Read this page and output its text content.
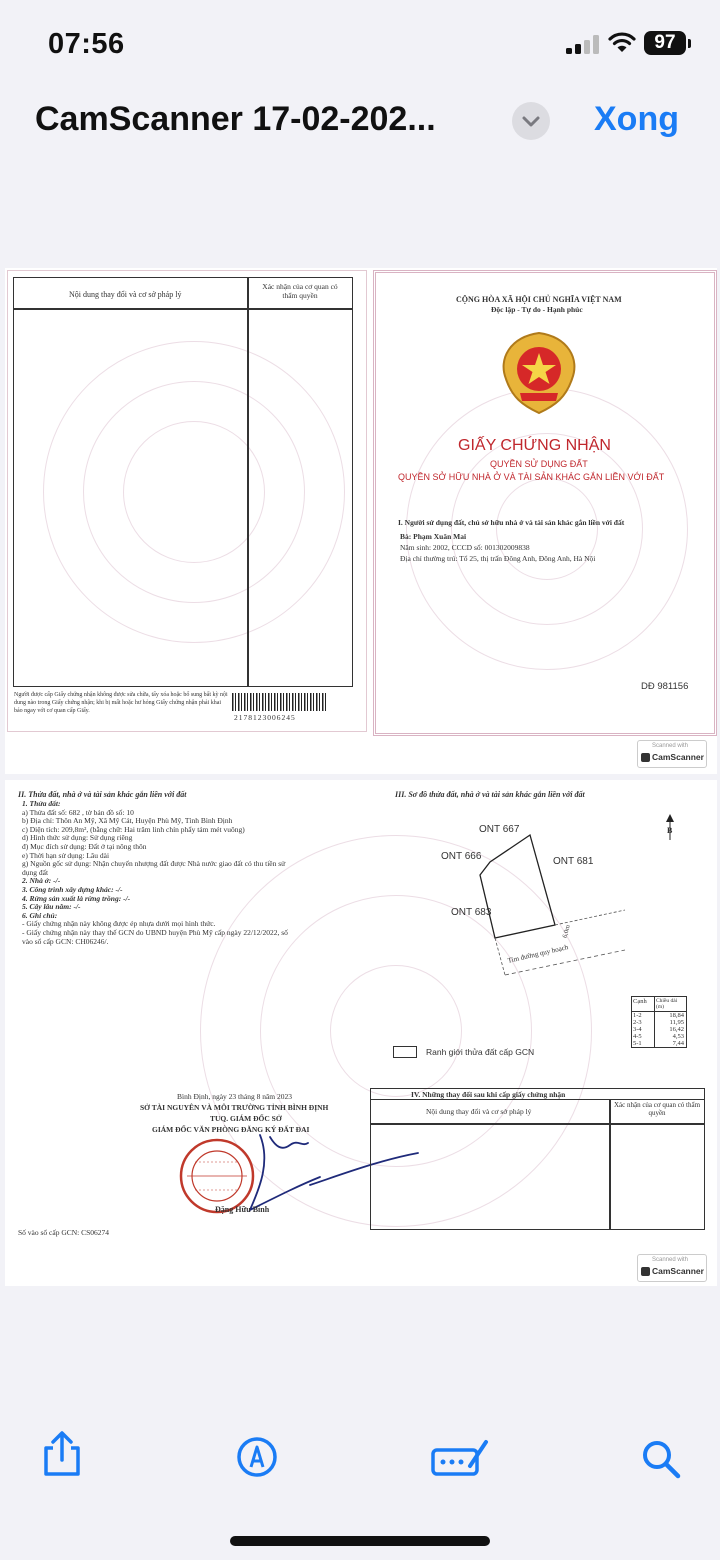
07:56	97
CamScanner 17-02-202...	Xong
Nội dung thay đổi và cơ sở pháp lý
Xác nhận của cơ quan có thẩm quyền
Người được cấp Giấy chứng nhận không được sửa chữa, tẩy xóa hoặc bổ sung bất kỳ nội dung nào trong Giấy chứng nhận; khi bị mất hoặc hư hỏng Giấy chứng nhận phải khai báo ngay với cơ quan cấp Giấy.
2178123006245
CỘNG HÒA XÃ HỘI CHỦ NGHĨA VIỆT NAM
Độc lập - Tự do - Hạnh phúc
GIẤY CHỨNG NHẬN
QUYỀN SỬ DỤNG ĐẤT
QUYỀN SỞ HỮU NHÀ Ở VÀ TÀI SẢN KHÁC GẮN LIỀN VỚI ĐẤT
I. Người sử dụng đất, chủ sở hữu nhà ở và tài sản khác gắn liền với đất
Bà: Phạm Xuân Mai
Năm sinh: 2002, CCCD số: 001302009838
Địa chỉ thường trú: Tổ 25, thị trấn Đông Anh, Đông Anh, Hà Nội
DĐ 981156
Scanned with
CamScanner
II. Thửa đất, nhà ở và tài sản khác gắn liền với đất
1. Thửa đất:
a) Thửa đất số: 682 , tờ bản đồ số: 10
b) Địa chỉ: Thôn An Mỹ, Xã Mỹ Cát, Huyện Phù Mỹ, Tỉnh Bình Định
c) Diện tích: 209,8m², (bằng chữ: Hai trăm linh chín phẩy tám mét vuông)
d) Hình thức sử dụng: Sử dụng riêng
đ) Mục đích sử dụng: Đất ở tại nông thôn
e) Thời hạn sử dụng: Lâu dài
g) Nguồn gốc sử dụng: Nhận chuyển nhượng đất được Nhà nước giao đất có thu tiền sử
dụng đất
2. Nhà ở: -/-
3. Công trình xây dựng khác: -/-
4. Rừng sản xuất là rừng trồng: -/-
5. Cây lâu năm: -/-
6. Ghi chú:
- Giấy chứng nhận này không được ép nhựa dưới mọi hình thức.
- Giấy chứng nhận này thay thế GCN do UBND huyện Phù Mỹ cấp ngày 22/12/2022, số
vào sổ cấp GCN: CH06246/.
III. Sơ đồ thửa đất, nhà ở và tài sản khác gắn liền với đất
B
ONT 667
ONT 666	ONT 681
ONT 683
Tim đường quy hoạch
6,0m
Cạnh	Chiều dài (m)
1-2	18,84
2-3	11,95
3-4	16,42
4-5	4,53
5-1	7,44
Ranh giới thửa đất cấp GCN
Bình Định, ngày 23 tháng 8 năm 2023
SỞ TÀI NGUYÊN VÀ MÔI TRƯỜNG TỈNH BÌNH ĐỊNH
TUQ. GIÁM ĐỐC SỞ
GIÁM ĐỐC VĂN PHÒNG ĐĂNG KÝ ĐẤT ĐAI
Đặng Hữu Bình
Số vào sổ cấp GCN: CS06274
IV. Những thay đổi sau khi cấp giấy chứng nhận
Nội dung thay đổi và cơ sở pháp lý
Xác nhận của cơ quan có thẩm quyền
Scanned with
CamScanner
